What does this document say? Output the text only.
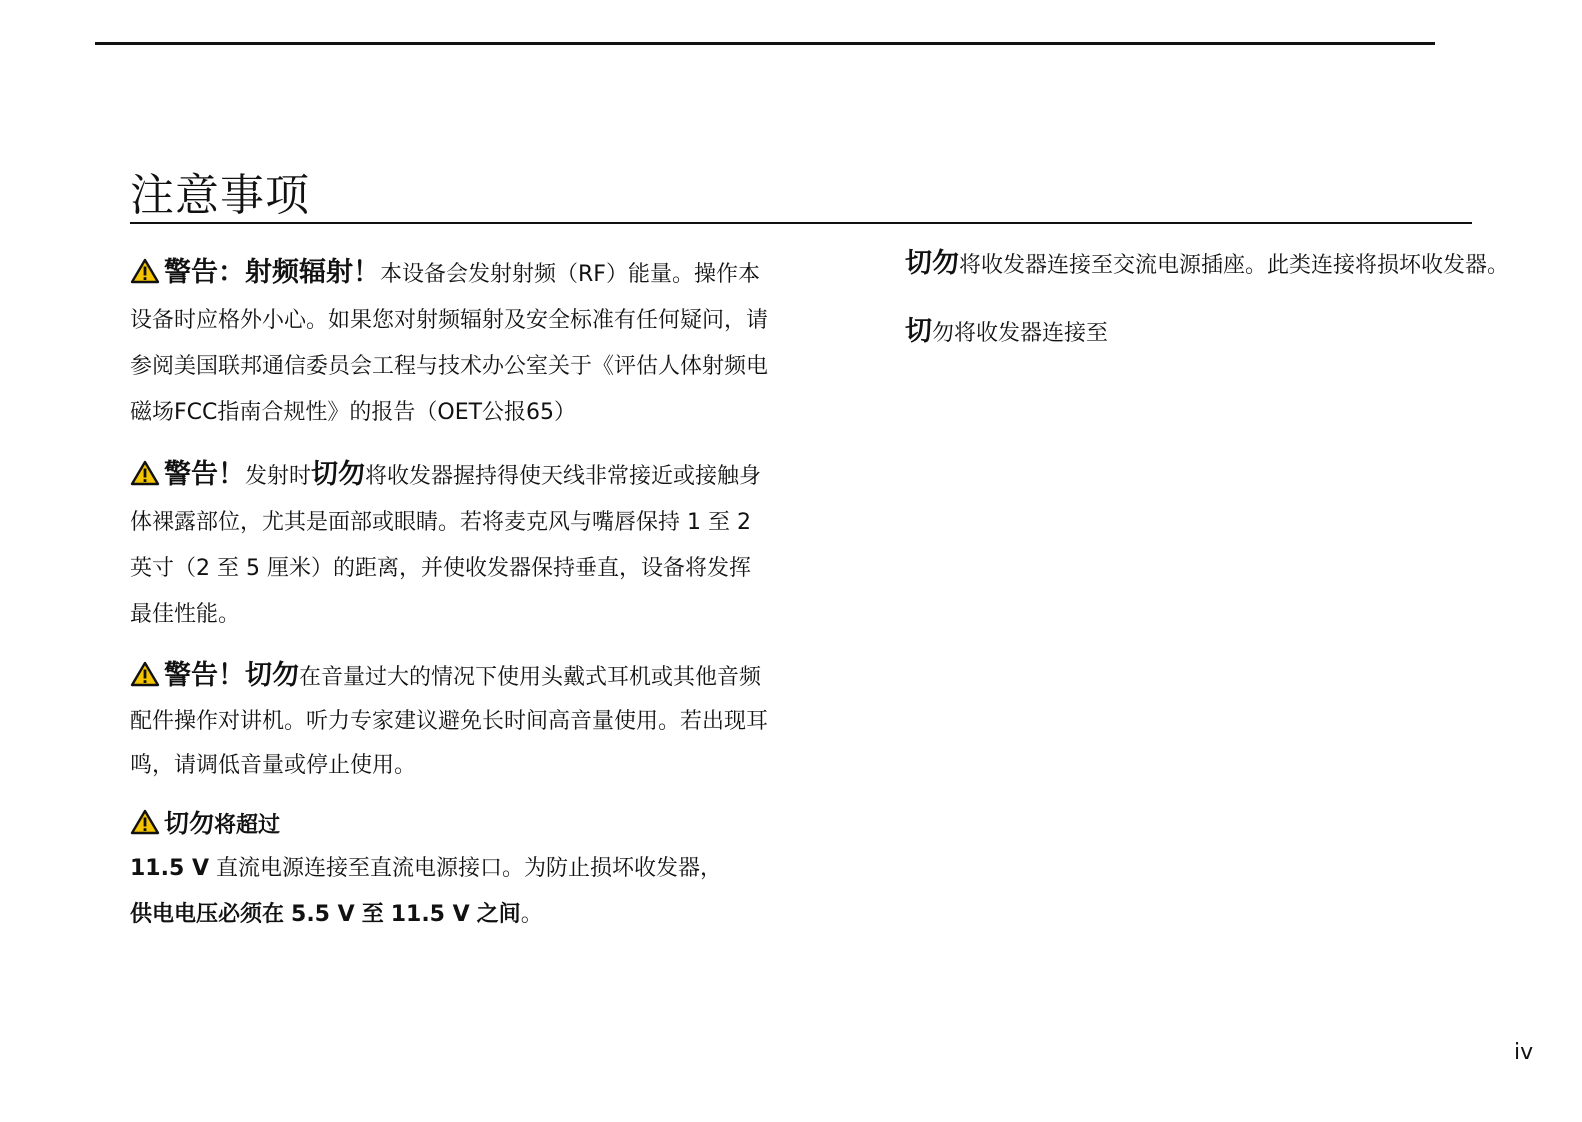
注意事项

警告：射频辐射！本设备会发射射频（RF）能量。操作本设备时应格外小心。如果您对射频辐射及安全标准有任何疑问，请参阅美国联邦通信委员会工程与技术办公室关于《评估人体射频电磁场FCC指南合规性》的报告（OET公报65）

警告！发射时切勿将收发器握持得使天线非常接近或接触身体裸露部位，尤其是面部或眼睛。若将麦克风与嘴唇保持 1 至 2 英寸（2 至 5 厘米）的距离，并使收发器保持垂直，设备将发挥最佳性能。

警告！切勿在音量过大的情况下使用头戴式耳机或其他音频配件操作对讲机。听力专家建议避免长时间高音量使用。若出现耳鸣，请调低音量或停止使用。

切勿将超过
11.5 V 直流电源连接至直流电源接口。为防止损坏收发器，
供电电压必须在 5.5 V 至 11.5 V 之间。

切勿将收发器连接至交流电源插座。此类连接将损坏收发器。

切勿将收发器连接至

iv
